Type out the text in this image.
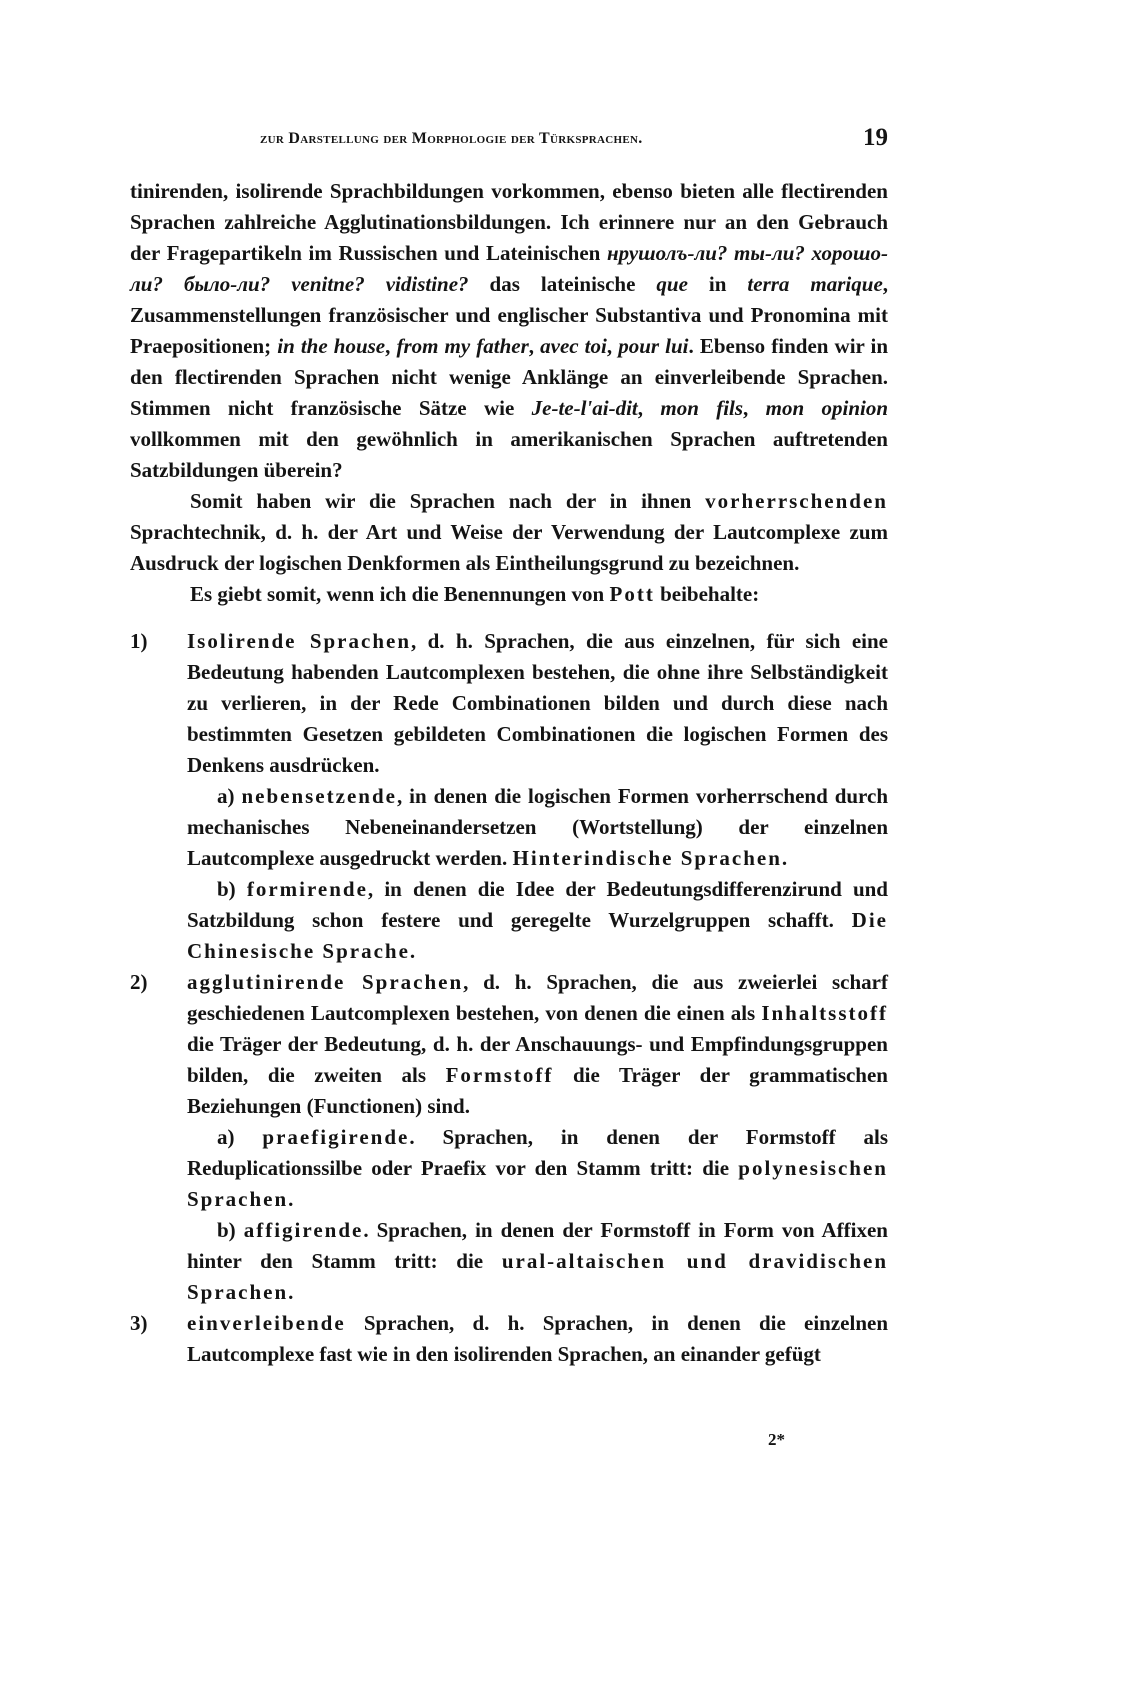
zur Darstellung der Morphologie der Türksprachen.	19

tinirenden, isolirende Sprachbildungen vorkommen, ebenso bieten alle flectirenden Sprachen zahlreiche Agglutinationsbildungen. Ich erinnere nur an den Gebrauch der Fragepartikeln im Russischen und Lateinischen нрушолъ-ли? ты-ли? хорошо-ли? было-ли? venitne? vidistine? das lateinische que in terra marique, Zusammenstellungen französischer und englischer Substantiva und Pronomina mit Praepositionen; in the house, from my father, avec toi, pour lui. Ebenso finden wir in den flectirenden Sprachen nicht wenige Anklänge an einverleibende Sprachen. Stimmen nicht französische Sätze wie Je-te-l'ai-dit, mon fils, mon opinion vollkommen mit den gewöhnlich in amerikanischen Sprachen auftretenden Satzbildungen überein?

Somit haben wir die Sprachen nach der in ihnen vorherrschenden Sprachtechnik, d. h. der Art und Weise der Verwendung der Lautcomplexe zum Ausdruck der logischen Denkformen als Eintheilungsgrund zu bezeichnen.

Es giebt somit, wenn ich die Benennungen von Pott beibehalte:

1) Isolirende Sprachen, d. h. Sprachen, die aus einzelnen, für sich eine Bedeutung habenden Lautcomplexen bestehen, die ohne ihre Selbständigkeit zu verlieren, in der Rede Combinationen bilden und durch diese nach bestimmten Gesetzen gebildeten Combinationen die logischen Formen des Denkens ausdrücken.

a) nebensetzende, in denen die logischen Formen vorherrschend durch mechanisches Nebeneinandersetzen (Wortstellung) der einzelnen Lautcomplexe ausgedruckt werden. Hinterindische Sprachen.

b) formirende, in denen die Idee der Bedeutungsdifferenzirund und Satzbildung schon festere und geregelte Wurzelgruppen schafft. Die Chinesische Sprache.

2) agglutinirende Sprachen, d. h. Sprachen, die aus zweierlei scharf geschiedenen Lautcomplexen bestehen, von denen die einen als Inhaltsstoff die Träger der Bedeutung, d. h. der Anschauungs- und Empfindungsgruppen bilden, die zweiten als Formstoff die Träger der grammatischen Beziehungen (Functionen) sind.

a) praefigirende. Sprachen, in denen der Formstoff als Reduplicationssilbe oder Praefix vor den Stamm tritt: die polynesischen Sprachen.

b) affigirende. Sprachen, in denen der Formstoff in Form von Affixen hinter den Stamm tritt: die ural-altaischen und dravidischen Sprachen.

3) einverleibende Sprachen, d. h. Sprachen, in denen die einzelnen Lautcomplexe fast wie in den isolirenden Sprachen, an einander gefügt

2*
